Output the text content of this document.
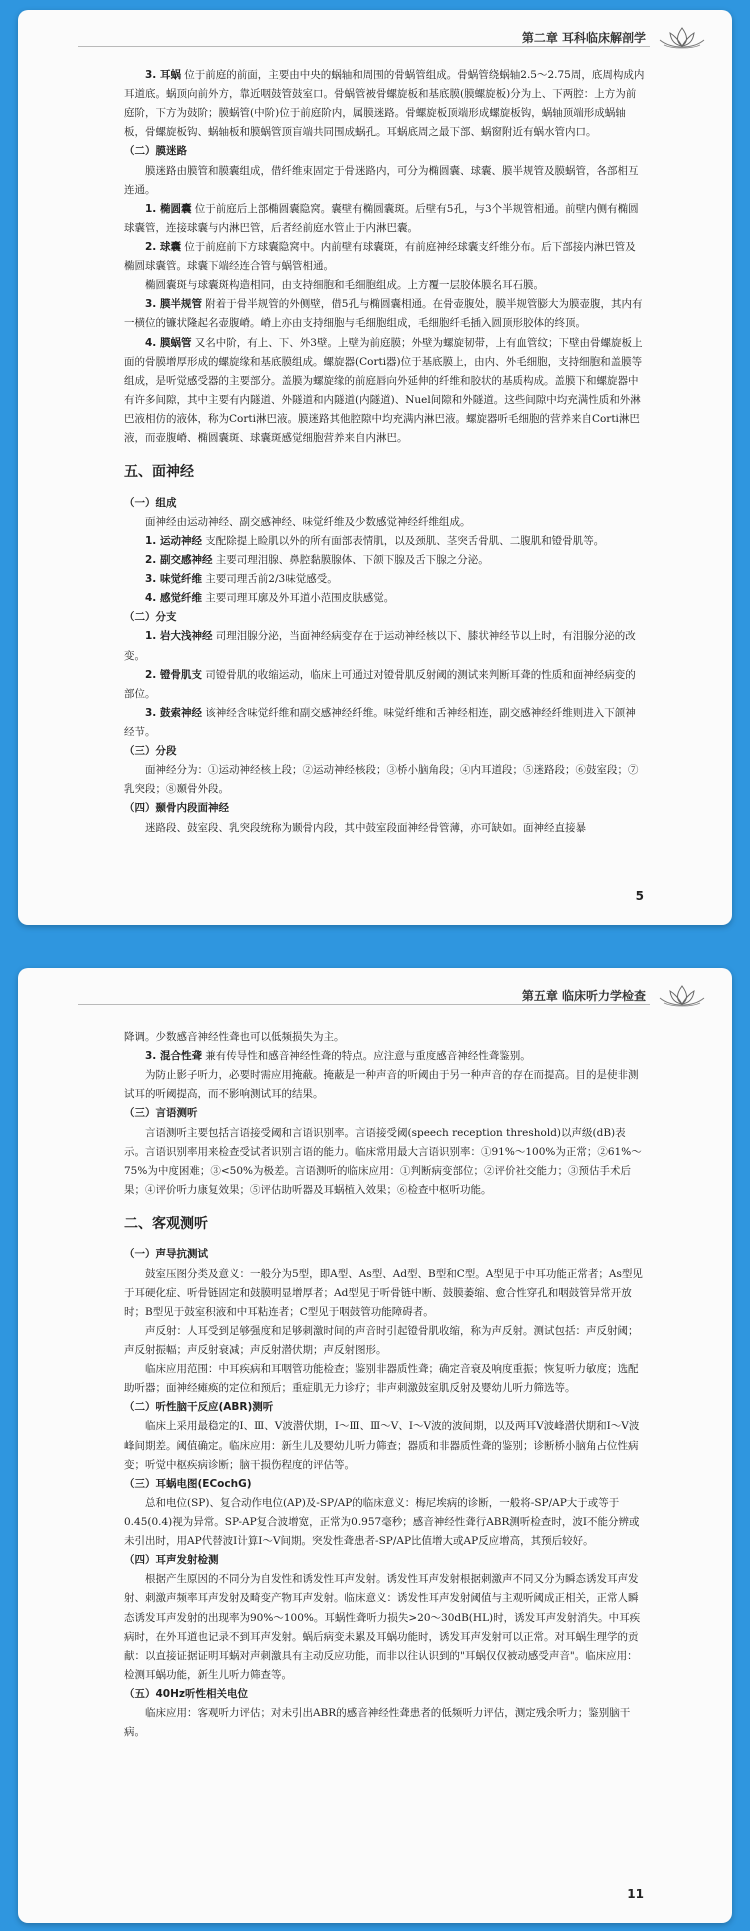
第二章 耳科临床解剖学

3. 耳蜗 位于前庭的前面，主要由中央的蜗轴和周围的骨蜗管组成。骨蜗管绕蜗轴2.5～2.75周，底周构成内耳道底。蜗顶向前外方，靠近咽鼓管鼓室口。骨蜗管被骨螺旋板和基底膜(膜螺旋板)分为上、下两腔：上方为前庭阶，下方为鼓阶；膜蜗管(中阶)位于前庭阶内，属膜迷路。骨螺旋板顶端形成螺旋板钩，蜗轴顶端形成蜗轴板，骨螺旋板钩、蜗轴板和膜蜗管顶盲端共同围成蜗孔。耳蜗底周之最下部、蜗窗附近有蜗水管内口。

（二）膜迷路

膜迷路由膜管和膜囊组成，借纤维束固定于骨迷路内，可分为椭圆囊、球囊、膜半规管及膜蜗管，各部相互连通。

1. 椭圆囊 位于前庭后上部椭圆囊隐窝。囊壁有椭圆囊斑。后壁有5孔，与3个半规管相通。前壁内侧有椭圆球囊管，连接球囊与内淋巴管，后者经前庭水管止于内淋巴囊。

2. 球囊 位于前庭前下方球囊隐窝中。内前壁有球囊斑，有前庭神经球囊支纤维分布。后下部接内淋巴管及椭圆球囊管。球囊下端经连合管与蜗管相通。

椭圆囊斑与球囊斑构造相同，由支持细胞和毛细胞组成。上方覆一层胶体膜名耳石膜。

3. 膜半规管 附着于骨半规管的外侧壁，借5孔与椭圆囊相通。在骨壶腹处，膜半规管膨大为膜壶腹，其内有一横位的镰状隆起名壶腹嵴。嵴上亦由支持细胞与毛细胞组成，毛细胞纤毛插入圆顶形胶体的终顶。

4. 膜蜗管 又名中阶，有上、下、外3壁。上壁为前庭膜；外壁为螺旋韧带，上有血管纹；下壁由骨螺旋板上面的骨膜增厚形成的螺旋缘和基底膜组成。螺旋器(Corti器)位于基底膜上，由内、外毛细胞，支持细胞和盖膜等组成，是听觉感受器的主要部分。盖膜为螺旋缘的前庭唇向外延伸的纤维和胶状的基质构成。盖膜下和螺旋器中有许多间隙，其中主要有内隧道、外隧道和内隧道(内隧道)、Nuel间隙和外隧道。这些间隙中均充满性质和外淋巴液相仿的液体，称为Corti淋巴液。膜迷路其他腔隙中均充满内淋巴液。螺旋器听毛细胞的营养来自Corti淋巴液，而壶腹嵴、椭圆囊斑、球囊斑感觉细胞营养来自内淋巴。

五、面神经
（一）组成

面神经由运动神经、副交感神经、味觉纤维及少数感觉神经纤维组成。

1. 运动神经 支配除提上睑肌以外的所有面部表情肌，以及颈肌、茎突舌骨肌、二腹肌和镫骨肌等。

2. 副交感神经 主要司理泪腺、鼻腔黏膜腺体、下颌下腺及舌下腺之分泌。

3. 味觉纤维 主要司理舌前2/3味觉感受。

4. 感觉纤维 主要司理耳廓及外耳道小范围皮肤感觉。

（二）分支

1. 岩大浅神经 司理泪腺分泌，当面神经病变存在于运动神经核以下、膝状神经节以上时，有泪腺分泌的改变。

2. 镫骨肌支 司镫骨肌的收缩运动，临床上可通过对镫骨肌反射阈的测试来判断耳聋的性质和面神经病变的部位。

3. 鼓索神经 该神经含味觉纤维和副交感神经纤维。味觉纤维和舌神经相连，副交感神经纤维则进入下颌神经节。

（三）分段

面神经分为：①运动神经核上段；②运动神经核段；③桥小脑角段；④内耳道段；⑤迷路段；⑥鼓室段；⑦乳突段；⑧颞骨外段。

（四）颞骨内段面神经

迷路段、鼓室段、乳突段统称为颞骨内段，其中鼓室段面神经骨管薄，亦可缺如。面神经直接暴

5
第五章 临床听力学检查

降调。少数感音神经性聋也可以低频损失为主。

3. 混合性聋 兼有传导性和感音神经性聋的特点。应注意与重度感音神经性聋鉴别。

为防止影子听力，必要时需应用掩蔽。掩蔽是一种声音的听阈由于另一种声音的存在而提高。目的是使非测试耳的听阈提高，而不影响测试耳的结果。

（三）言语测听

言语测听主要包括言语接受阈和言语识别率。言语接受阈(speech reception threshold)以声级(dB)表示。言语识别率用来检查受试者识别言语的能力。临床常用最大言语识别率：①91%～100%为正常；②61%～75%为中度困难；③<50%为极差。言语测听的临床应用：①判断病变部位；②评价社交能力；③预估手术后果；④评价听力康复效果；⑤评估助听器及耳蜗植入效果；⑥检查中枢听功能。

二、客观测听
（一）声导抗测试

鼓室压图分类及意义：一般分为5型，即A型、As型、Ad型、B型和C型。A型见于中耳功能正常者；As型见于耳硬化症、听骨链固定和鼓膜明显增厚者；Ad型见于听骨链中断、鼓膜萎缩、愈合性穿孔和咽鼓管异常开放时；B型见于鼓室积液和中耳粘连者；C型见于咽鼓管功能障碍者。

声反射：人耳受到足够强度和足够刺激时间的声音时引起镫骨肌收缩，称为声反射。测试包括：声反射阈；声反射振幅；声反射衰减；声反射潜伏期；声反射图形。

临床应用范围：中耳疾病和耳咽管功能检查；鉴别非器质性聋；确定音衰及响度重振；恢复听力敏度；选配助听器；面神经瘫痪的定位和预后；重症肌无力诊疗；非声刺激鼓室肌反射及婴幼儿听力筛选等。

（二）听性脑干反应(ABR)测听

临床上采用最稳定的Ⅰ、Ⅲ、Ⅴ波潜伏期，Ⅰ～Ⅲ、Ⅲ～Ⅴ、Ⅰ～Ⅴ波的波间期，以及两耳Ⅴ波峰潜伏期和Ⅰ～Ⅴ波峰间期差。阈值确定。临床应用：新生儿及婴幼儿听力筛查；器质和非器质性聋的鉴别；诊断桥小脑角占位性病变；听觉中枢疾病诊断；脑干损伤程度的评估等。

（三）耳蜗电图(ECochG)

总和电位(SP)、复合动作电位(AP)及-SP/AP的临床意义：梅尼埃病的诊断，一般将-SP/AP大于或等于0.45(0.4)视为异常。SP-AP复合波增宽，正常为0.957毫秒；感音神经性聋行ABR测听检查时，波Ⅰ不能分辨或未引出时，用AP代替波Ⅰ计算Ⅰ～Ⅴ间期。突发性聋患者-SP/AP比值增大或AP反应增高，其预后较好。

（四）耳声发射检测

根据产生原因的不同分为自发性和诱发性耳声发射。诱发性耳声发射根据刺激声不同又分为瞬态诱发耳声发射、刺激声频率耳声发射及畸变产物耳声发射。临床意义：诱发性耳声发射阈值与主观听阈成正相关，正常人瞬态诱发耳声发射的出现率为90%～100%。耳蜗性聋听力损失>20～30dB(HL)时，诱发耳声发射消失。中耳疾病时，在外耳道也记录不到耳声发射。蜗后病变未累及耳蜗功能时，诱发耳声发射可以正常。对耳蜗生理学的贡献：以直接证据证明耳蜗对声刺激具有主动反应功能，而非以往认识到的"耳蜗仅仅被动感受声音"。临床应用：检测耳蜗功能，新生儿听力筛查等。

（五）40Hz听性相关电位

临床应用：客观听力评估；对未引出ABR的感音神经性聋患者的低频听力评估，测定残余听力；鉴别脑干病。

11
